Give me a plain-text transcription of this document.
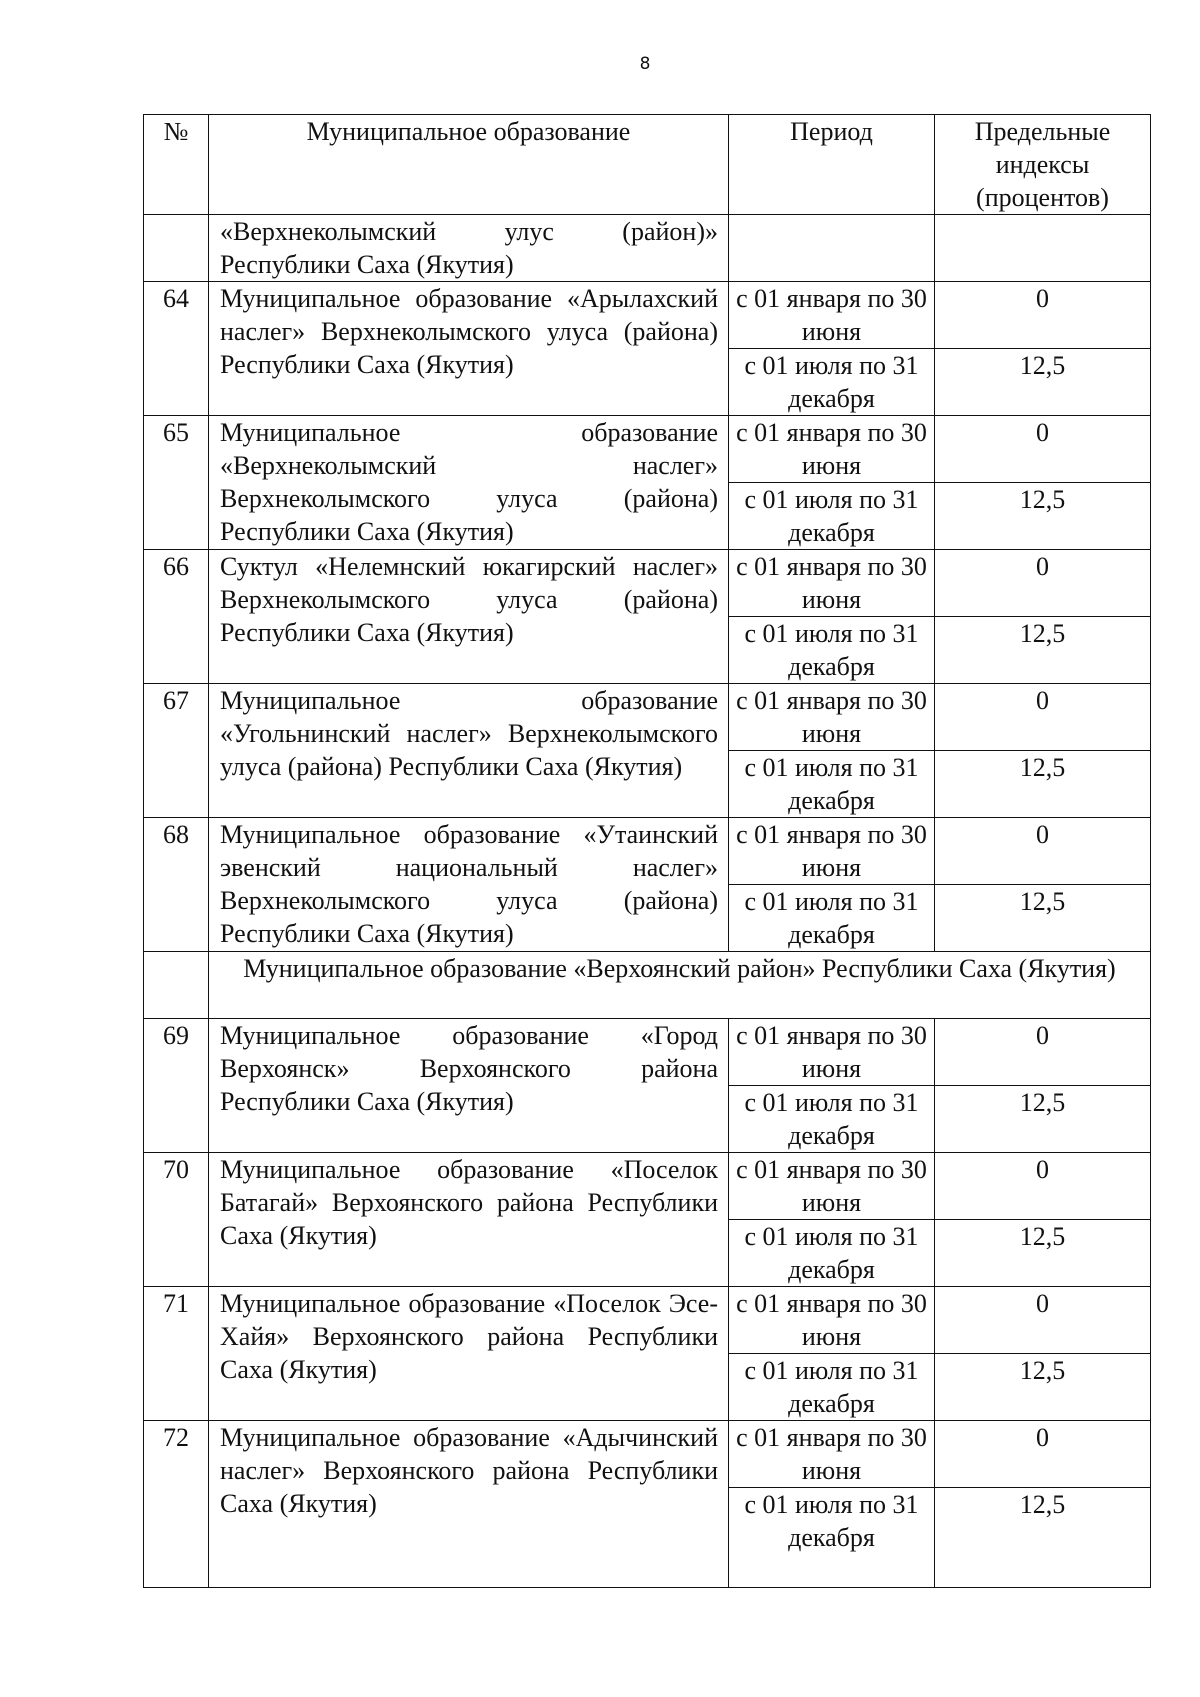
8
№	Муниципальное образование	Период	Предельные индексы (процентов)
	«Верхнеколымский улус (район)» Республики Саха (Якутия)		
64	Муниципальное образование «Арылахский наслег» Верхнеколымского улуса (района) Республики Саха (Якутия)	с 01 января по 30 июня	0
		с 01 июля по 31 декабря	12,5
65	Муниципальное образование «Верхнеколымский наслег» Верхнеколымского улуса (района) Республики Саха (Якутия)	с 01 января по 30 июня	0
		с 01 июля по 31 декабря	12,5
66	Суктул «Нелемнский юкагирский наслег» Верхнеколымского улуса (района) Республики Саха (Якутия)	с 01 января по 30 июня	0
		с 01 июля по 31 декабря	12,5
67	Муниципальное образование «Угольнинский наслег» Верхнеколымского улуса (района) Республики Саха (Якутия)	с 01 января по 30 июня	0
		с 01 июля по 31 декабря	12,5
68	Муниципальное образование «Утаинский эвенский национальный наслег» Верхнеколымского улуса (района) Республики Саха (Якутия)	с 01 января по 30 июня	0
		с 01 июля по 31 декабря	12,5
	Муниципальное образование «Верхоянский район» Республики Саха (Якутия)		
69	Муниципальное образование «Город Верхоянск» Верхоянского района Республики Саха (Якутия)	с 01 января по 30 июня	0
		с 01 июля по 31 декабря	12,5
70	Муниципальное образование «Поселок Батагай» Верхоянского района Республики Саха (Якутия)	с 01 января по 30 июня	0
		с 01 июля по 31 декабря	12,5
71	Муниципальное образование «Поселок Эсе-Хайя» Верхоянского района Республики Саха (Якутия)	с 01 января по 30 июня	0
		с 01 июля по 31 декабря	12,5
72	Муниципальное образование «Адычинский наслег» Верхоянского района Республики Саха (Якутия)	с 01 января по 30 июня	0
		с 01 июля по 31 декабря	12,5
